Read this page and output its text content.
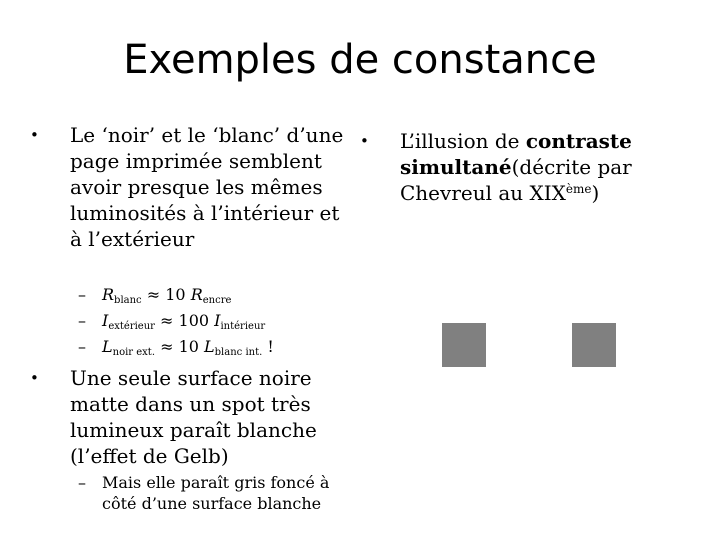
Exemples de constance
• Le ‘noir’ et le ‘blanc’ d’une page imprimée semblent avoir presque les mêmes luminosités à l’intérieur et à l’extérieur
– $R_{blanc} \approx 10$ $R_{encre}$
– $I_{extérieur} \approx 100$ $I_{intérieur}$
– $L_{noir ext.} \approx 10$ $L_{blanc int.}$ !
• Une seule surface noire matte dans un spot très lumineux paraît blanche (l’effet de Gelb)
– Mais elle paraît gris foncé à côté d’une surface blanche
• L’illusion de contraste simultané(décrite par Chevreul au XIXème)
